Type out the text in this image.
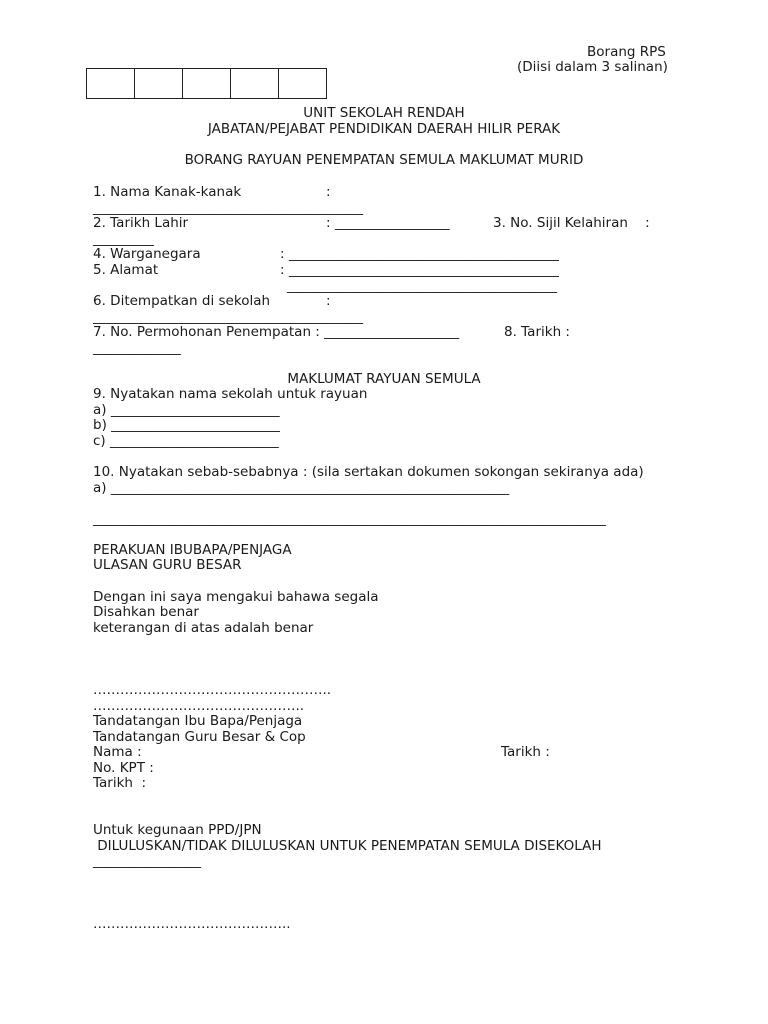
Borang RPS
(Diisi dalam 3 salinan)
UNIT SEKOLAH RENDAH
JABATAN/PEJABAT PENDIDIKAN DAERAH HILIR PERAK
BORANG RAYUAN PENEMPATAN SEMULA MAKLUMAT MURID
1. Nama Kanak-kanak	:
________________________________________
2. Tarikh Lahir	: _________________	3. No. Sijil Kelahiran    :
_________
4. Warganegara	: ________________________________________
5. Alamat	: ________________________________________
________________________________________
6. Ditempatkan di sekolah	:
________________________________________
7. No. Permohonan Penempatan : ____________________	8. Tarikh :
_____________
MAKLUMAT RAYUAN SEMULA
9. Nyatakan nama sekolah untuk rayuan
a) _________________________
b) _________________________
c) _________________________
10. Nyatakan sebab-sebabnya : (sila sertakan dokumen sokongan sekiranya ada)
a) ___________________________________________________________
____________________________________________________________________________
PERAKUAN IBUBAPA/PENJAGA
ULASAN GURU BESAR
Dengan ini saya mengakui bahawa segala
Disahkan benar
keterangan di atas adalah benar
……………………………………………..
………………………………………..
Tandatangan Ibu Bapa/Penjaga
Tandatangan Guru Besar & Cop
Nama :	Tarikh :
No. KPT :
Tarikh  :
Untuk kegunaan PPD/JPN
DILULUSKAN/TIDAK DILULUSKAN UNTUK PENEMPATAN SEMULA DISEKOLAH
________________
……………………………………..
